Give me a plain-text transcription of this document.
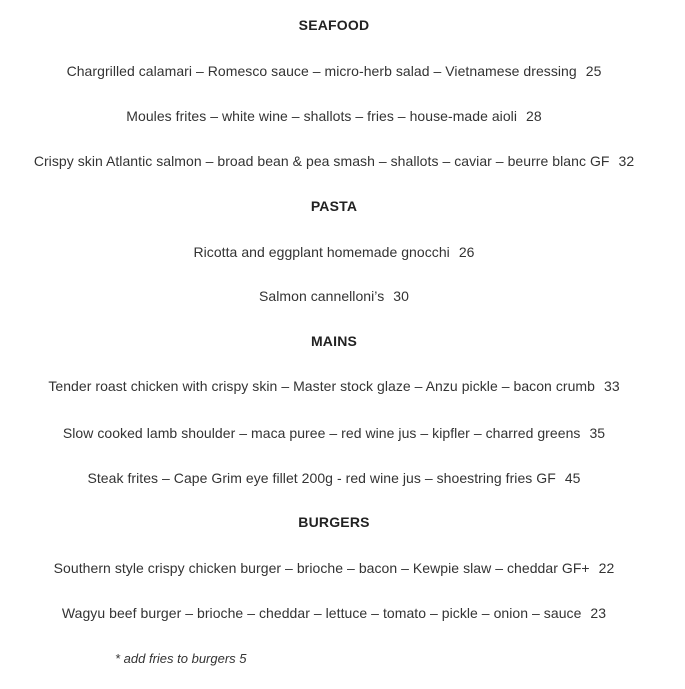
SEAFOOD
Chargrilled calamari – Romesco sauce – micro-herb salad – Vietnamese dressing 25
Moules frites – white wine – shallots – fries – house-made aioli 28
Crispy skin Atlantic salmon – broad bean & pea smash – shallots – caviar – beurre blanc GF 32
PASTA
Ricotta and eggplant homemade gnocchi 26
Salmon cannelloni’s 30
MAINS
Tender roast chicken with crispy skin – Master stock glaze – Anzu pickle – bacon crumb 33
Slow cooked lamb shoulder – maca puree – red wine jus – kipfler – charred greens 35
Steak frites – Cape Grim eye fillet 200g - red wine jus – shoestring fries GF 45
BURGERS
Southern style crispy chicken burger – brioche – bacon – Kewpie slaw – cheddar GF+ 22
Wagyu beef burger – brioche – cheddar – lettuce – tomato – pickle – onion – sauce 23
* add fries to burgers 5
